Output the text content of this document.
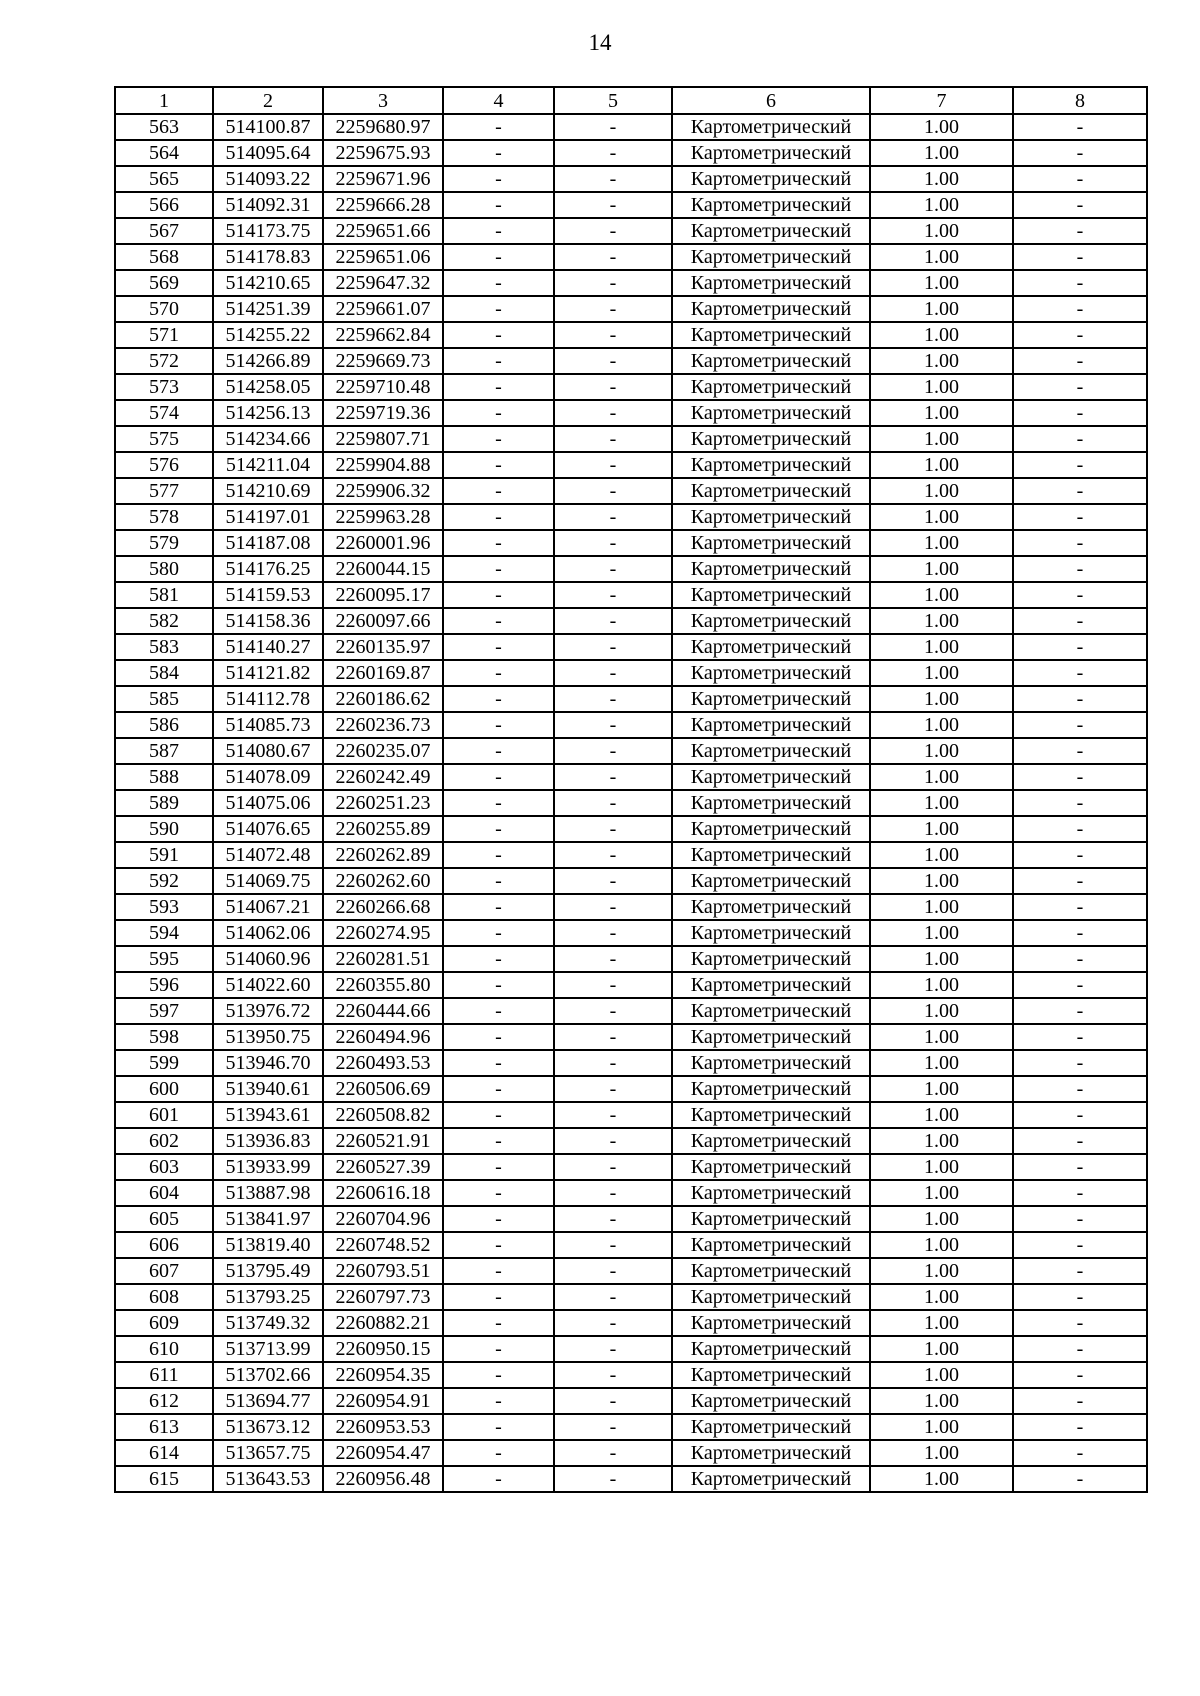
14
1	2	3	4	5	6	7	8
563	514100.87	2259680.97	-	-	Картометрический	1.00	-
564	514095.64	2259675.93	-	-	Картометрический	1.00	-
565	514093.22	2259671.96	-	-	Картометрический	1.00	-
566	514092.31	2259666.28	-	-	Картометрический	1.00	-
567	514173.75	2259651.66	-	-	Картометрический	1.00	-
568	514178.83	2259651.06	-	-	Картометрический	1.00	-
569	514210.65	2259647.32	-	-	Картометрический	1.00	-
570	514251.39	2259661.07	-	-	Картометрический	1.00	-
571	514255.22	2259662.84	-	-	Картометрический	1.00	-
572	514266.89	2259669.73	-	-	Картометрический	1.00	-
573	514258.05	2259710.48	-	-	Картометрический	1.00	-
574	514256.13	2259719.36	-	-	Картометрический	1.00	-
575	514234.66	2259807.71	-	-	Картометрический	1.00	-
576	514211.04	2259904.88	-	-	Картометрический	1.00	-
577	514210.69	2259906.32	-	-	Картометрический	1.00	-
578	514197.01	2259963.28	-	-	Картометрический	1.00	-
579	514187.08	2260001.96	-	-	Картометрический	1.00	-
580	514176.25	2260044.15	-	-	Картометрический	1.00	-
581	514159.53	2260095.17	-	-	Картометрический	1.00	-
582	514158.36	2260097.66	-	-	Картометрический	1.00	-
583	514140.27	2260135.97	-	-	Картометрический	1.00	-
584	514121.82	2260169.87	-	-	Картометрический	1.00	-
585	514112.78	2260186.62	-	-	Картометрический	1.00	-
586	514085.73	2260236.73	-	-	Картометрический	1.00	-
587	514080.67	2260235.07	-	-	Картометрический	1.00	-
588	514078.09	2260242.49	-	-	Картометрический	1.00	-
589	514075.06	2260251.23	-	-	Картометрический	1.00	-
590	514076.65	2260255.89	-	-	Картометрический	1.00	-
591	514072.48	2260262.89	-	-	Картометрический	1.00	-
592	514069.75	2260262.60	-	-	Картометрический	1.00	-
593	514067.21	2260266.68	-	-	Картометрический	1.00	-
594	514062.06	2260274.95	-	-	Картометрический	1.00	-
595	514060.96	2260281.51	-	-	Картометрический	1.00	-
596	514022.60	2260355.80	-	-	Картометрический	1.00	-
597	513976.72	2260444.66	-	-	Картометрический	1.00	-
598	513950.75	2260494.96	-	-	Картометрический	1.00	-
599	513946.70	2260493.53	-	-	Картометрический	1.00	-
600	513940.61	2260506.69	-	-	Картометрический	1.00	-
601	513943.61	2260508.82	-	-	Картометрический	1.00	-
602	513936.83	2260521.91	-	-	Картометрический	1.00	-
603	513933.99	2260527.39	-	-	Картометрический	1.00	-
604	513887.98	2260616.18	-	-	Картометрический	1.00	-
605	513841.97	2260704.96	-	-	Картометрический	1.00	-
606	513819.40	2260748.52	-	-	Картометрический	1.00	-
607	513795.49	2260793.51	-	-	Картометрический	1.00	-
608	513793.25	2260797.73	-	-	Картометрический	1.00	-
609	513749.32	2260882.21	-	-	Картометрический	1.00	-
610	513713.99	2260950.15	-	-	Картометрический	1.00	-
611	513702.66	2260954.35	-	-	Картометрический	1.00	-
612	513694.77	2260954.91	-	-	Картометрический	1.00	-
613	513673.12	2260953.53	-	-	Картометрический	1.00	-
614	513657.75	2260954.47	-	-	Картометрический	1.00	-
615	513643.53	2260956.48	-	-	Картометрический	1.00	-
